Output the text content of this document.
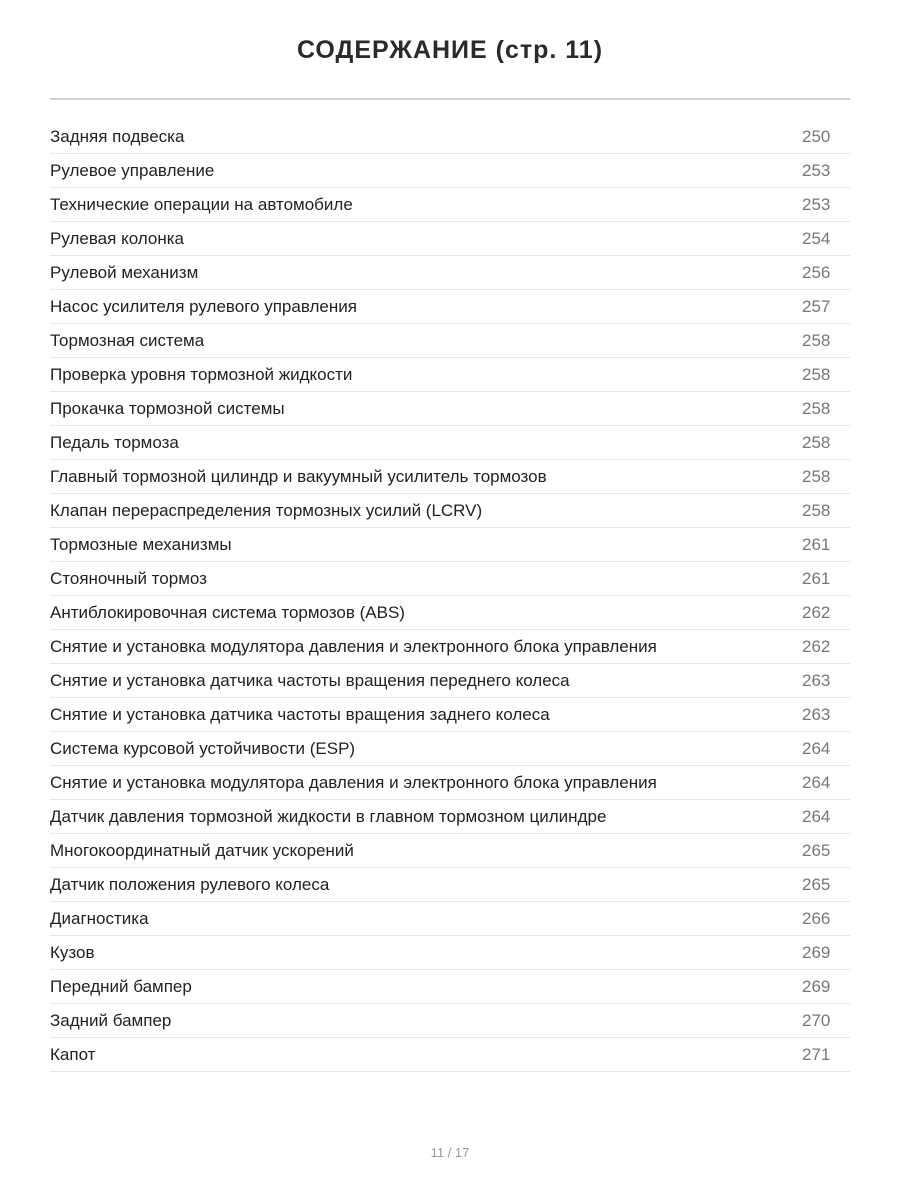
СОДЕРЖАНИЕ (стр. 11)
Задняя подвеска	250
Рулевое управление	253
Технические операции на автомобиле	253
Рулевая колонка	254
Рулевой механизм	256
Насос усилителя рулевого управления	257
Тормозная система	258
Проверка уровня тормозной жидкости	258
Прокачка тормозной системы	258
Педаль тормоза	258
Главный тормозной цилиндр и вакуумный усилитель тормозов	258
Клапан перераспределения тормозных усилий (LCRV)	258
Тормозные механизмы	261
Стояночный тормоз	261
Антиблокировочная система тормозов (ABS)	262
Снятие и установка модулятора давления и электронного блока управления	262
Снятие и установка датчика частоты вращения переднего колеса	263
Снятие и установка датчика частоты вращения заднего колеса	263
Система курсовой устойчивости (ESP)	264
Снятие и установка модулятора давления и электронного блока управления	264
Датчик давления тормозной жидкости в главном тормозном цилиндре	264
Многокоординатный датчик ускорений	265
Датчик положения рулевого колеса	265
Диагностика	266
Кузов	269
Передний бампер	269
Задний бампер	270
Капот	271
11 / 17
